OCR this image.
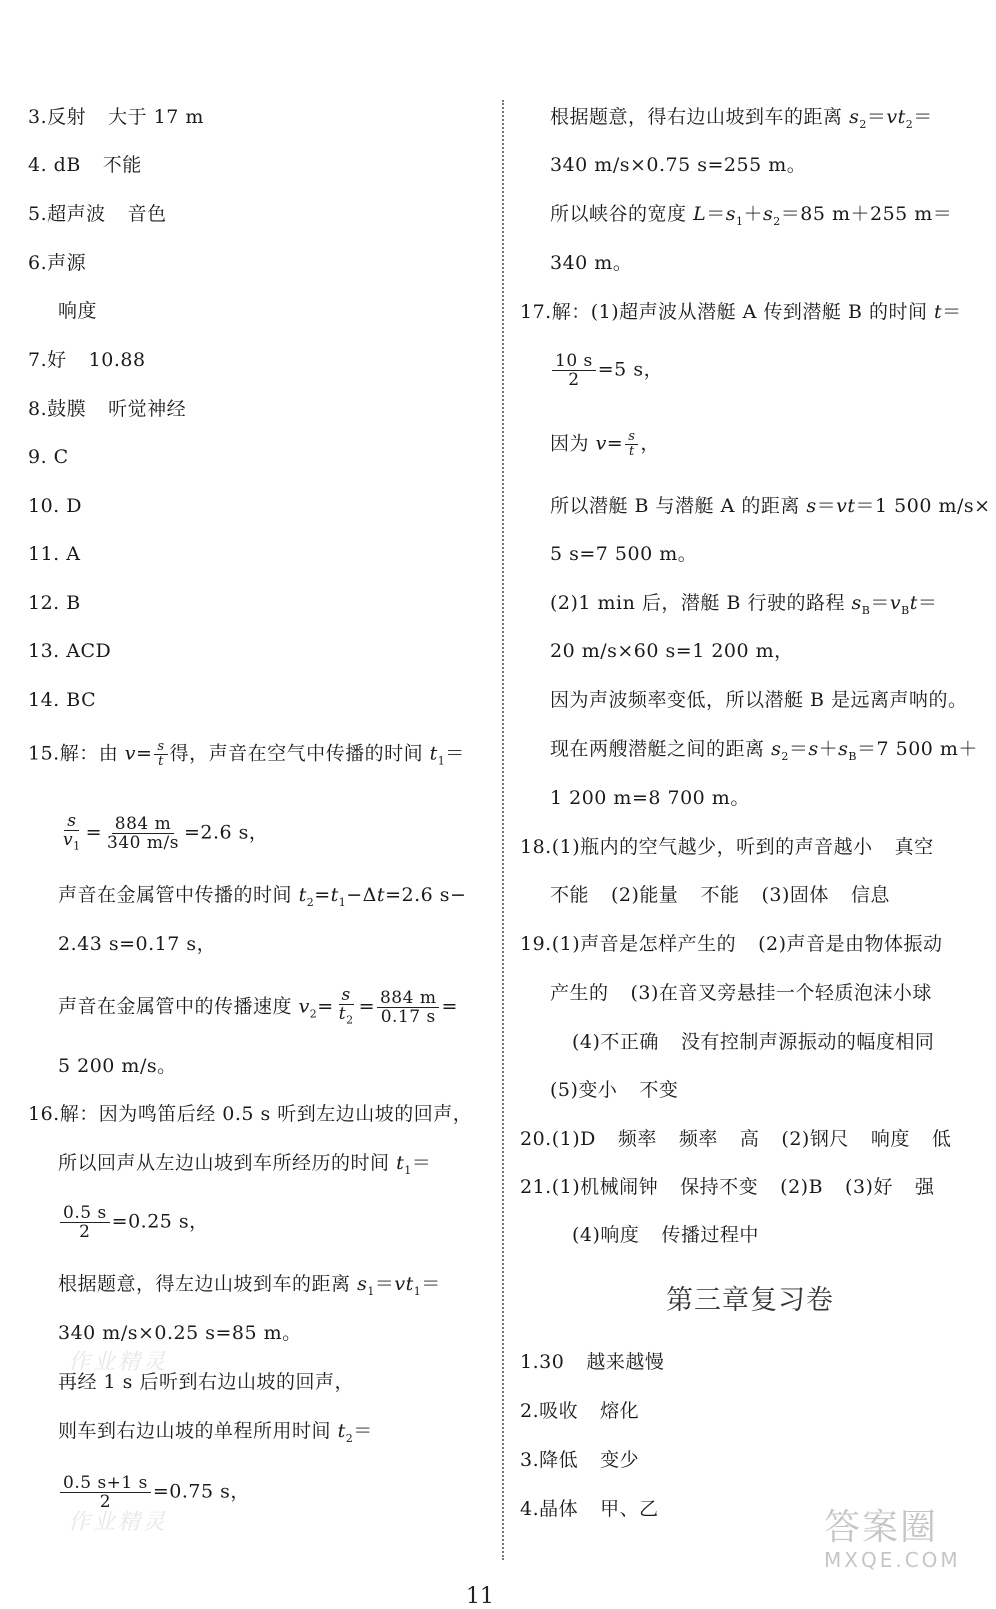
3.反射 大于 17 m
4. dB 不能
5.超声波 音色
6.声源
响度
7.好 10.88
8.鼓膜 听觉神经
9. C
10. D
11. A
12. B
13. ACD
14. BC
15.解：由 $v= \frac{s}{t}$ 得，声音在空气中传播的时间 $t_1=$
$\frac{s}{v_1} = \frac{884 m}{340 m/s} =2.6$ s，
声音在金属管中传播的时间 $t_2=t_1-\Delta t=2.6$ s−
2.43 s=0.17 s，
声音在金属管中的传播速度 $v_2= \frac{s}{t_2} = \frac{884 m}{0.17 s}$ =
5 200 m/s。
16.解：因为鸣笛后经 0.5 s 听到左边山坡的回声，
所以回声从左边山坡到车所经历的时间 $t_1=$
$\frac{0.5 s}{2} =0.25$ s，
根据题意，得左边山坡到车的距离 $s_1=vt_1=$
340 m/s×0.25 s=85 m。
再经 1 s 后听到右边山坡的回声，
则车到右边山坡的单程所用时间 $t_2=$
$\frac{0.5 s+1 s}{2} =0.75$ s，
作业精灵
作业精灵
根据题意，得右边山坡到车的距离 $s_2=vt_2=$
340 m/s×0.75 s=255 m。
所以峡谷的宽度 $L=s_1+s_2=85$ m＋255 m＝
340 m。
17.解：(1)超声波从潜艇 A 传到潜艇 B 的时间 t＝
$\frac{10 s}{2} =5$ s，
因为 $v= \frac{s}{t}$ ，
所以潜艇 B 与潜艇 A 的距离 s＝vt＝1 500 m/s×
5 s=7 500 m。
(2)1 min 后，潜艇 B 行驶的路程 $s_B=v_Bt=$
20 m/s×60 s=1 200 m，
因为声波频率变低，所以潜艇 B 是远离声呐的。
现在两艘潜艇之间的距离 $s_2=s+s_B=7$ 500 m＋
1 200 m=8 700 m。
18.(1)瓶内的空气越少，听到的声音越小 真空
不能 (2)能量 不能 (3)固体 信息
19.(1)声音是怎样产生的 (2)声音是由物体振动
产生的 (3)在音叉旁悬挂一个轻质泡沫小球
(4)不正确 没有控制声源振动的幅度相同
(5)变小 不变
20.(1)D 频率 频率 高 (2)钢尺 响度 低
21.(1)机械闹钟 保持不变 (2)B (3)好 强
(4)响度 传播过程中
第三章复习卷
1.30 越来越慢
2.吸收 熔化
3.降低 变少
4.晶体 甲、乙	答案圈
MXQE.COM
11
